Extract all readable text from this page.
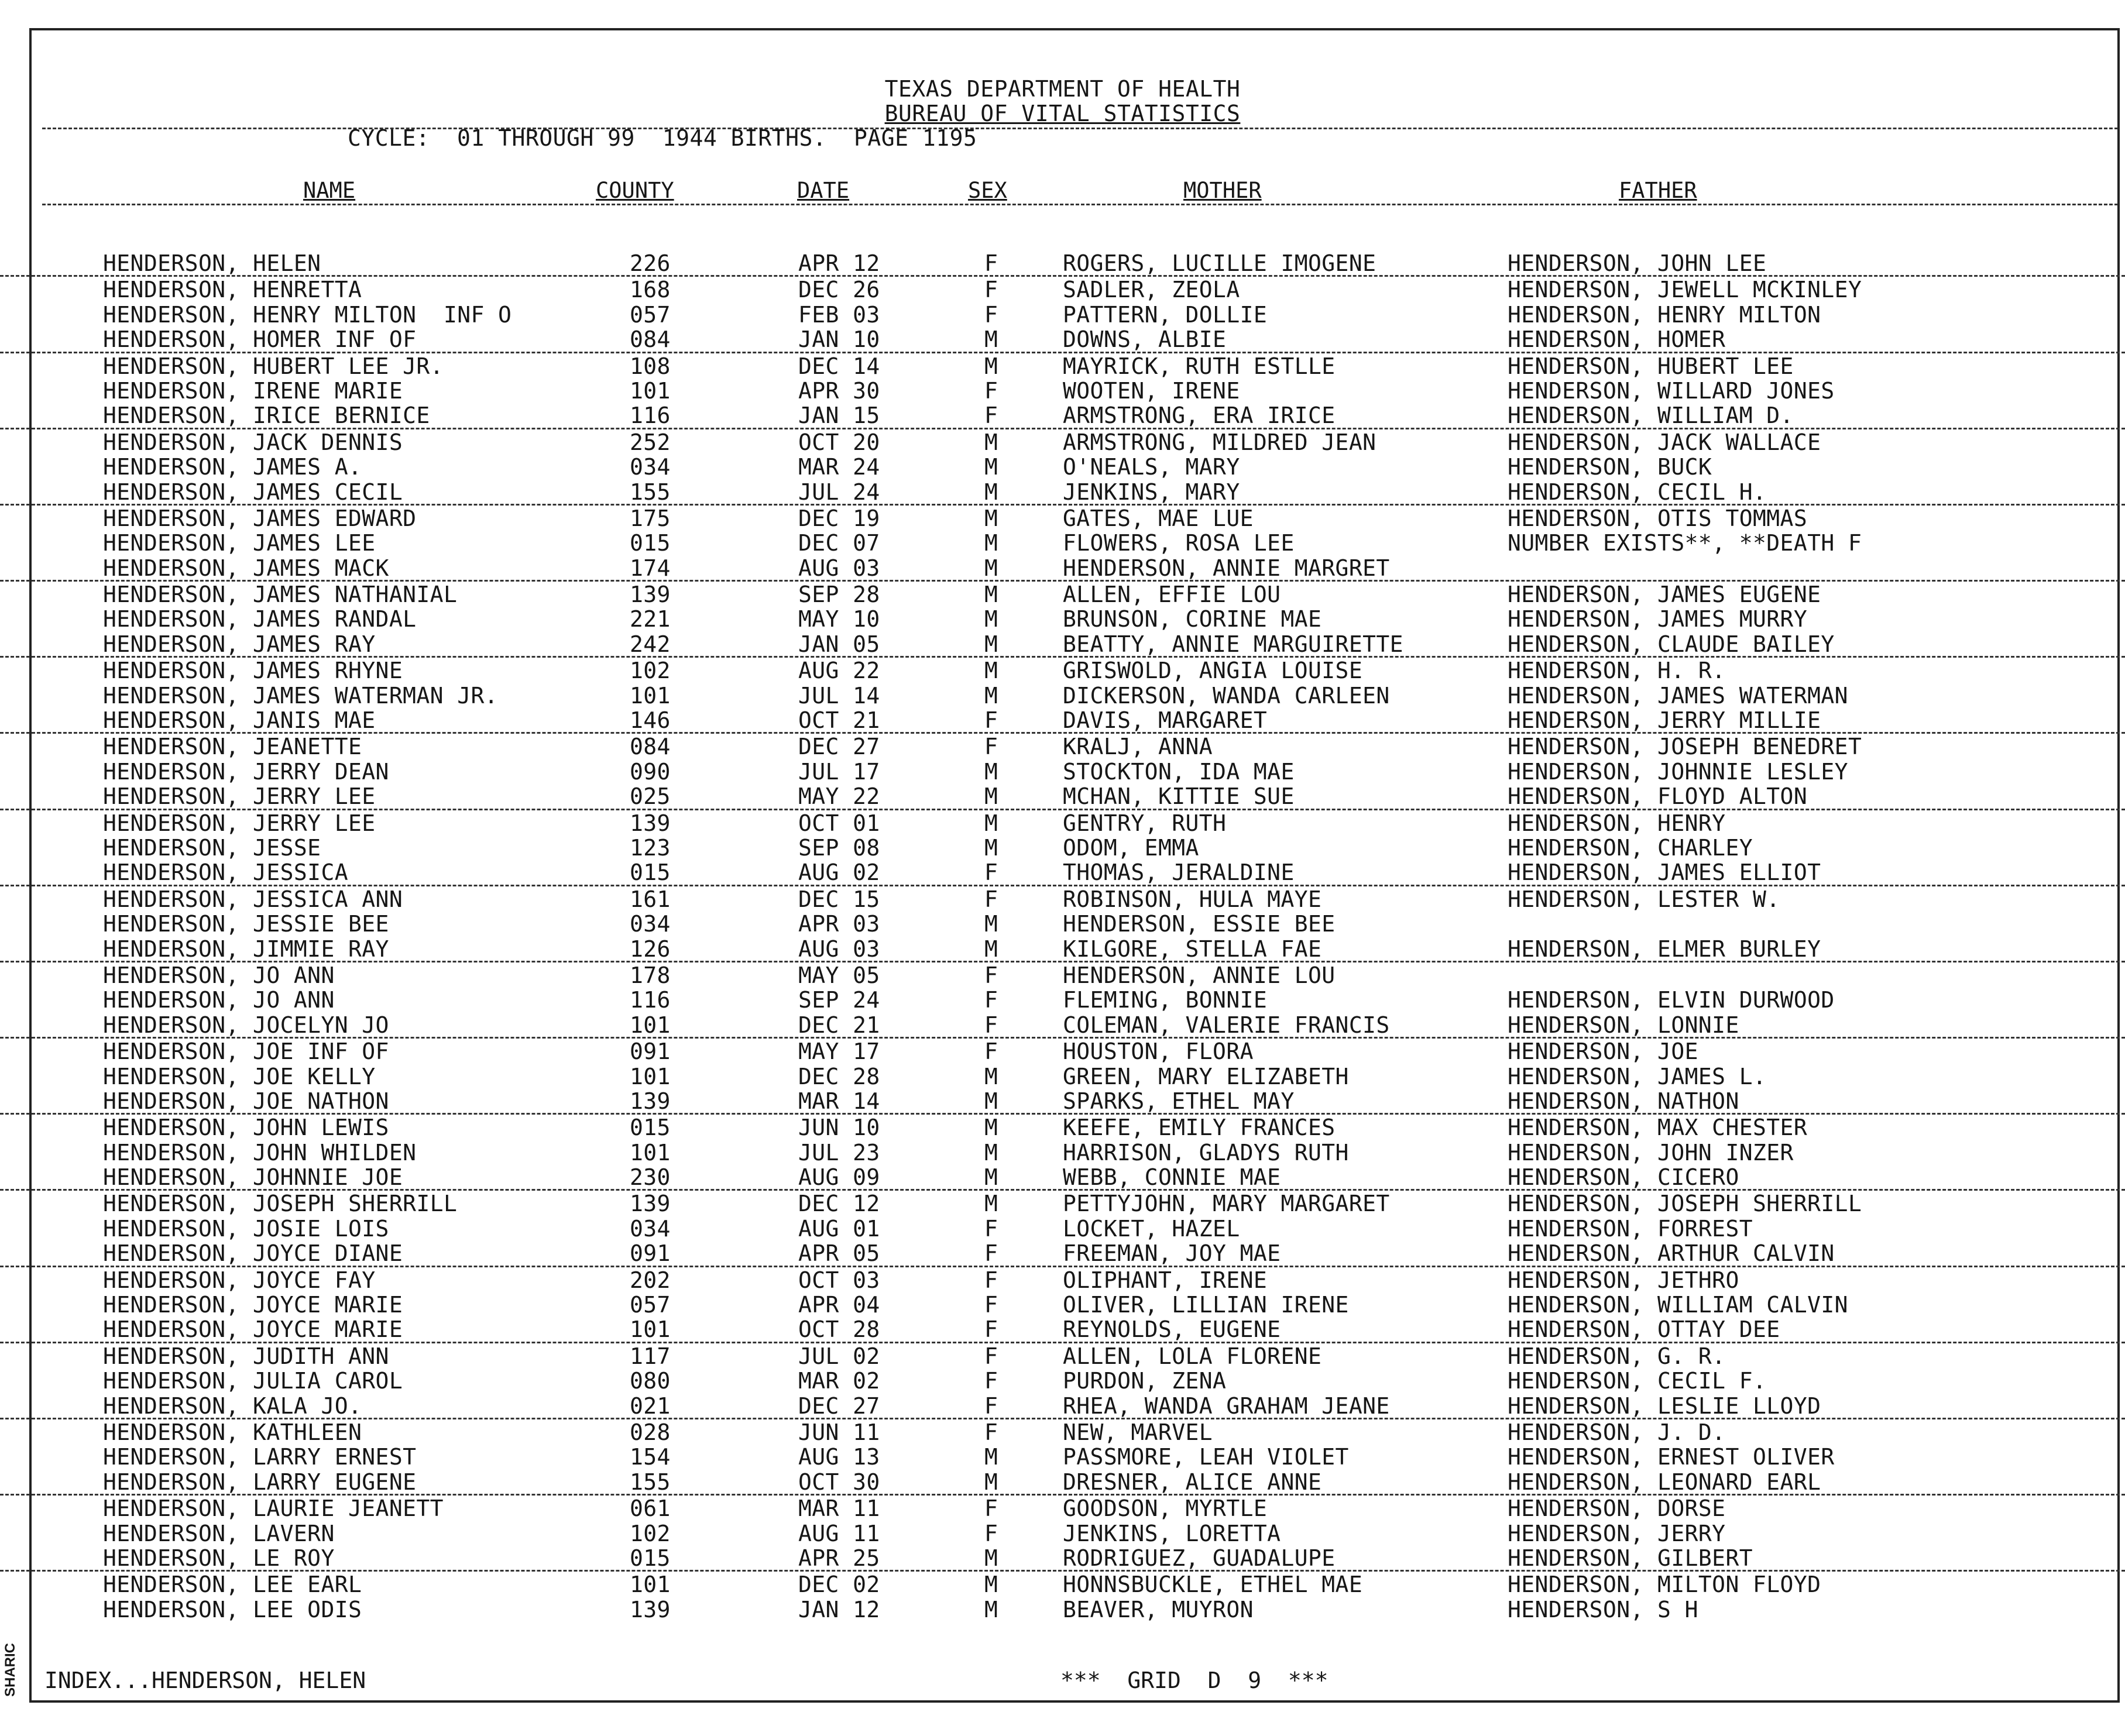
SHARIC
TEXAS DEPARTMENT OF HEALTH
BUREAU OF VITAL STATISTICS
CYCLE:  01 THROUGH 99  1944 BIRTHS.  PAGE 1195
NAME	COUNTY	DATE	SEX	MOTHER	FATHER
HENDERSON, HELEN	226	APR 12	F	ROGERS, LUCILLE IMOGENE	HENDERSON, JOHN LEE
HENDERSON, HENRETTA	168	DEC 26	F	SADLER, ZEOLA	HENDERSON, JEWELL MCKINLEY
HENDERSON, HENRY MILTON  INF O	057	FEB 03	F	PATTERN, DOLLIE	HENDERSON, HENRY MILTON
HENDERSON, HOMER INF OF	084	JAN 10	M	DOWNS, ALBIE	HENDERSON, HOMER
HENDERSON, HUBERT LEE JR.	108	DEC 14	M	MAYRICK, RUTH ESTLLE	HENDERSON, HUBERT LEE
HENDERSON, IRENE MARIE	101	APR 30	F	WOOTEN, IRENE	HENDERSON, WILLARD JONES
HENDERSON, IRICE BERNICE	116	JAN 15	F	ARMSTRONG, ERA IRICE	HENDERSON, WILLIAM D.
HENDERSON, JACK DENNIS	252	OCT 20	M	ARMSTRONG, MILDRED JEAN	HENDERSON, JACK WALLACE
HENDERSON, JAMES A.	034	MAR 24	M	O'NEALS, MARY	HENDERSON, BUCK
HENDERSON, JAMES CECIL	155	JUL 24	M	JENKINS, MARY	HENDERSON, CECIL H.
HENDERSON, JAMES EDWARD	175	DEC 19	M	GATES, MAE LUE	HENDERSON, OTIS TOMMAS
HENDERSON, JAMES LEE	015	DEC 07	M	FLOWERS, ROSA LEE	NUMBER EXISTS**, **DEATH F
HENDERSON, JAMES MACK	174	AUG 03	M	HENDERSON, ANNIE MARGRET
HENDERSON, JAMES NATHANIAL	139	SEP 28	M	ALLEN, EFFIE LOU	HENDERSON, JAMES EUGENE
HENDERSON, JAMES RANDAL	221	MAY 10	M	BRUNSON, CORINE MAE	HENDERSON, JAMES MURRY
HENDERSON, JAMES RAY	242	JAN 05	M	BEATTY, ANNIE MARGUIRETTE	HENDERSON, CLAUDE BAILEY
HENDERSON, JAMES RHYNE	102	AUG 22	M	GRISWOLD, ANGIA LOUISE	HENDERSON, H. R.
HENDERSON, JAMES WATERMAN JR.	101	JUL 14	M	DICKERSON, WANDA CARLEEN	HENDERSON, JAMES WATERMAN
HENDERSON, JANIS MAE	146	OCT 21	F	DAVIS, MARGARET	HENDERSON, JERRY MILLIE
HENDERSON, JEANETTE	084	DEC 27	F	KRALJ, ANNA	HENDERSON, JOSEPH BENEDRET
HENDERSON, JERRY DEAN	090	JUL 17	M	STOCKTON, IDA MAE	HENDERSON, JOHNNIE LESLEY
HENDERSON, JERRY LEE	025	MAY 22	M	MCHAN, KITTIE SUE	HENDERSON, FLOYD ALTON
HENDERSON, JERRY LEE	139	OCT 01	M	GENTRY, RUTH	HENDERSON, HENRY
HENDERSON, JESSE	123	SEP 08	M	ODOM, EMMA	HENDERSON, CHARLEY
HENDERSON, JESSICA	015	AUG 02	F	THOMAS, JERALDINE	HENDERSON, JAMES ELLIOT
HENDERSON, JESSICA ANN	161	DEC 15	F	ROBINSON, HULA MAYE	HENDERSON, LESTER W.
HENDERSON, JESSIE BEE	034	APR 03	M	HENDERSON, ESSIE BEE
HENDERSON, JIMMIE RAY	126	AUG 03	M	KILGORE, STELLA FAE	HENDERSON, ELMER BURLEY
HENDERSON, JO ANN	178	MAY 05	F	HENDERSON, ANNIE LOU
HENDERSON, JO ANN	116	SEP 24	F	FLEMING, BONNIE	HENDERSON, ELVIN DURWOOD
HENDERSON, JOCELYN JO	101	DEC 21	F	COLEMAN, VALERIE FRANCIS	HENDERSON, LONNIE
HENDERSON, JOE INF OF	091	MAY 17	F	HOUSTON, FLORA	HENDERSON, JOE
HENDERSON, JOE KELLY	101	DEC 28	M	GREEN, MARY ELIZABETH	HENDERSON, JAMES L.
HENDERSON, JOE NATHON	139	MAR 14	M	SPARKS, ETHEL MAY	HENDERSON, NATHON
HENDERSON, JOHN LEWIS	015	JUN 10	M	KEEFE, EMILY FRANCES	HENDERSON, MAX CHESTER
HENDERSON, JOHN WHILDEN	101	JUL 23	M	HARRISON, GLADYS RUTH	HENDERSON, JOHN INZER
HENDERSON, JOHNNIE JOE	230	AUG 09	M	WEBB, CONNIE MAE	HENDERSON, CICERO
HENDERSON, JOSEPH SHERRILL	139	DEC 12	M	PETTYJOHN, MARY MARGARET	HENDERSON, JOSEPH SHERRILL
HENDERSON, JOSIE LOIS	034	AUG 01	F	LOCKET, HAZEL	HENDERSON, FORREST
HENDERSON, JOYCE DIANE	091	APR 05	F	FREEMAN, JOY MAE	HENDERSON, ARTHUR CALVIN
HENDERSON, JOYCE FAY	202	OCT 03	F	OLIPHANT, IRENE	HENDERSON, JETHRO
HENDERSON, JOYCE MARIE	057	APR 04	F	OLIVER, LILLIAN IRENE	HENDERSON, WILLIAM CALVIN
HENDERSON, JOYCE MARIE	101	OCT 28	F	REYNOLDS, EUGENE	HENDERSON, OTTAY DEE
HENDERSON, JUDITH ANN	117	JUL 02	F	ALLEN, LOLA FLORENE	HENDERSON, G. R.
HENDERSON, JULIA CAROL	080	MAR 02	F	PURDON, ZENA	HENDERSON, CECIL F.
HENDERSON, KALA JO.	021	DEC 27	F	RHEA, WANDA GRAHAM JEANE	HENDERSON, LESLIE LLOYD
HENDERSON, KATHLEEN	028	JUN 11	F	NEW, MARVEL	HENDERSON, J. D.
HENDERSON, LARRY ERNEST	154	AUG 13	M	PASSMORE, LEAH VIOLET	HENDERSON, ERNEST OLIVER
HENDERSON, LARRY EUGENE	155	OCT 30	M	DRESNER, ALICE ANNE	HENDERSON, LEONARD EARL
HENDERSON, LAURIE JEANETT	061	MAR 11	F	GOODSON, MYRTLE	HENDERSON, DORSE
HENDERSON, LAVERN	102	AUG 11	F	JENKINS, LORETTA	HENDERSON, JERRY
HENDERSON, LE ROY	015	APR 25	M	RODRIGUEZ, GUADALUPE	HENDERSON, GILBERT
HENDERSON, LEE EARL	101	DEC 02	M	HONNSBUCKLE, ETHEL MAE	HENDERSON, MILTON FLOYD
HENDERSON, LEE ODIS	139	JAN 12	M	BEAVER, MUYRON	HENDERSON, S H
INDEX...HENDERSON, HELEN	***  GRID  D  9  ***
